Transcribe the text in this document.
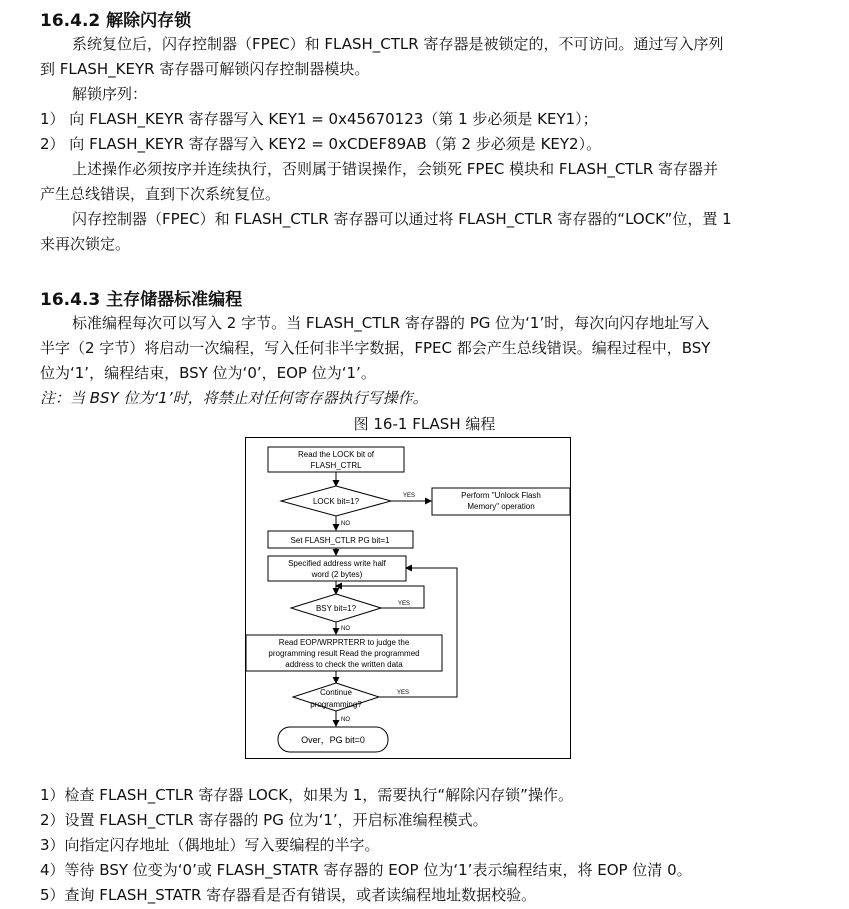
16.4.2 解除闪存锁
系统复位后，闪存控制器（FPEC）和 FLASH_CTLR 寄存器是被锁定的，不可访问。通过写入序列
到 FLASH_KEYR 寄存器可解锁闪存控制器模块。
解锁序列：
1） 向 FLASH_KEYR 寄存器写入 KEY1 = 0x45670123（第 1 步必须是 KEY1）；
2） 向 FLASH_KEYR 寄存器写入 KEY2 = 0xCDEF89AB（第 2 步必须是 KEY2）。
上述操作必须按序并连续执行，否则属于错误操作，会锁死 FPEC 模块和 FLASH_CTLR 寄存器并
产生总线错误，直到下次系统复位。
闪存控制器（FPEC）和 FLASH_CTLR 寄存器可以通过将 FLASH_CTLR 寄存器的“LOCK”位，置 1
来再次锁定。
16.4.3 主存储器标准编程
标准编程每次可以写入 2 字节。当 FLASH_CTLR 寄存器的 PG 位为‘1’时，每次向闪存地址写入
半字（2 字节）将启动一次编程，写入任何非半字数据，FPEC 都会产生总线错误。编程过程中，BSY
位为‘1’，编程结束，BSY 位为‘0’，EOP 位为‘1’。
注：当 BSY 位为‘1’时，将禁止对任何寄存器执行写操作。
图 16-1 FLASH 编程
Read the LOCK bit of
FLASH_CTRL
LOCK bit=1?
YES	Perform "Unlock Flash
Memory" operation
NO
Set FLASH_CTLR PG bit=1
Specified address write half
word (2 bytes)
BSY bit=1?	YES
NO
Read EOP/WRPRTERR to judge the
programming result Read the programmed
address to check the written data
Continue
programming?
YES
NO
Over，PG bit=0
1）检查 FLASH_CTLR 寄存器 LOCK，如果为 1，需要执行“解除闪存锁”操作。
2）设置 FLASH_CTLR 寄存器的 PG 位为‘1’，开启标准编程模式。
3）向指定闪存地址（偶地址）写入要编程的半字。
4）等待 BSY 位变为‘0’或 FLASH_STATR 寄存器的 EOP 位为‘1’表示编程结束，将 EOP 位清 0。
5）查询 FLASH_STATR 寄存器看是否有错误，或者读编程地址数据校验。
